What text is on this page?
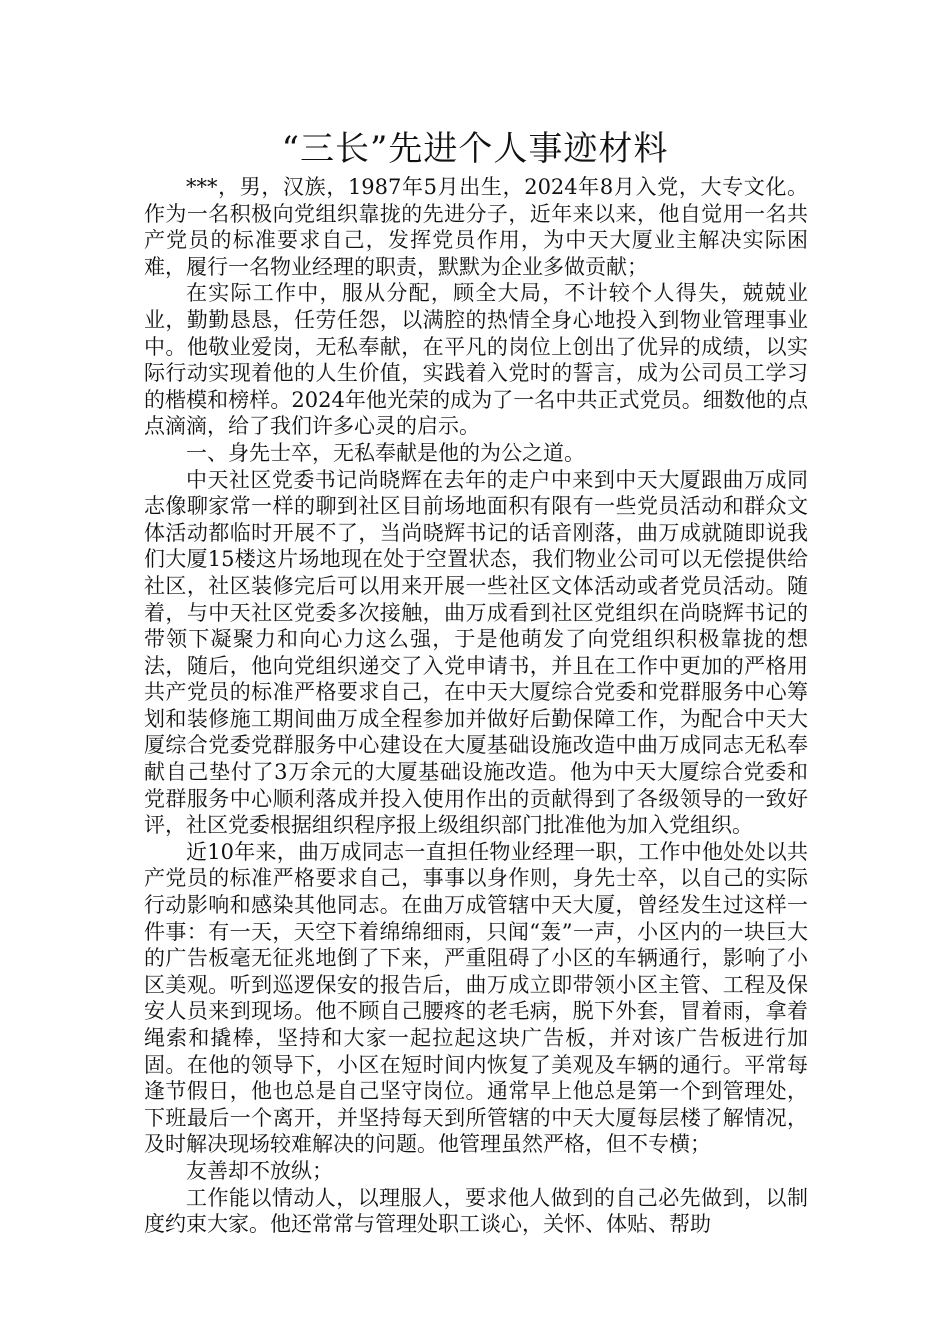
“三长”先进个人事迹材料

***，男，汉族，1987年5月出生，2024年8月入党，大专文化。作为一名积极向党组织靠拢的先进分子，近年来以来，他自觉用一名共产党员的标准要求自己，发挥党员作用，为中天大厦业主解决实际困难，履行一名物业经理的职责，默默为企业多做贡献；

在实际工作中，服从分配，顾全大局，不计较个人得失，兢兢业业，勤勤恳恳，任劳任怨，以满腔的热情全身心地投入到物业管理事业中。他敬业爱岗，无私奉献，在平凡的岗位上创出了优异的成绩，以实际行动实现着他的人生价值，实践着入党时的誓言，成为公司员工学习的楷模和榜样。2024年他光荣的成为了一名中共正式党员。细数他的点点滴滴，给了我们许多心灵的启示。

一、身先士卒，无私奉献是他的为公之道。

中天社区党委书记尚晓辉在去年的走户中来到中天大厦跟曲万成同志像聊家常一样的聊到社区目前场地面积有限有一些党员活动和群众文体活动都临时开展不了，当尚晓辉书记的话音刚落，曲万成就随即说我们大厦15楼这片场地现在处于空置状态，我们物业公司可以无偿提供给社区，社区装修完后可以用来开展一些社区文体活动或者党员活动。随着，与中天社区党委多次接触，曲万成看到社区党组织在尚晓辉书记的带领下凝聚力和向心力这么强，于是他萌发了向党组织积极靠拢的想法，随后，他向党组织递交了入党申请书，并且在工作中更加的严格用共产党员的标准严格要求自己，在中天大厦综合党委和党群服务中心筹划和装修施工期间曲万成全程参加并做好后勤保障工作，为配合中天大厦综合党委党群服务中心建设在大厦基础设施改造中曲万成同志无私奉献自己垫付了3万余元的大厦基础设施改造。他为中天大厦综合党委和党群服务中心顺利落成并投入使用作出的贡献得到了各级领导的一致好评，社区党委根据组织程序报上级组织部门批准他为加入党组织。

近10年来，曲万成同志一直担任物业经理一职，工作中他处处以共产党员的标准严格要求自己，事事以身作则，身先士卒，以自己的实际行动影响和感染其他同志。在曲万成管辖中天大厦，曾经发生过这样一件事：有一天，天空下着绵绵细雨，只闻“轰”一声，小区内的一块巨大的广告板毫无征兆地倒了下来，严重阻碍了小区的车辆通行，影响了小区美观。听到巡逻保安的报告后，曲万成立即带领小区主管、工程及保安人员来到现场。他不顾自己腰疼的老毛病，脱下外套，冒着雨，拿着绳索和撬棒，坚持和大家一起拉起这块广告板，并对该广告板进行加固。在他的领导下，小区在短时间内恢复了美观及车辆的通行。平常每逢节假日，他也总是自己坚守岗位。通常早上他总是第一个到管理处，下班最后一个离开，并坚持每天到所管辖的中天大厦每层楼了解情况，及时解决现场较难解决的问题。他管理虽然严格，但不专横；

友善却不放纵；

工作能以情动人，以理服人，要求他人做到的自己必先做到，以制度约束大家。他还常常与管理处职工谈心，关怀、体贴、帮助
